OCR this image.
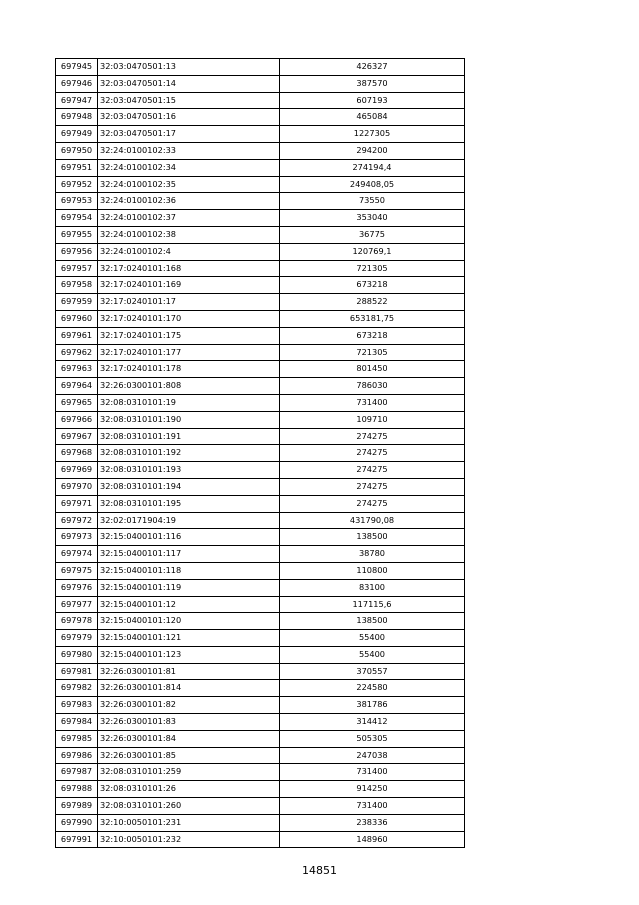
697945	32:03:0470501:13	426327
697946	32:03:0470501:14	387570
697947	32:03:0470501:15	607193
697948	32:03:0470501:16	465084
697949	32:03:0470501:17	1227305
697950	32:24:0100102:33	294200
697951	32:24:0100102:34	274194,4
697952	32:24:0100102:35	249408,05
697953	32:24:0100102:36	73550
697954	32:24:0100102:37	353040
697955	32:24:0100102:38	36775
697956	32:24:0100102:4	120769,1
697957	32:17:0240101:168	721305
697958	32:17:0240101:169	673218
697959	32:17:0240101:17	288522
697960	32:17:0240101:170	653181,75
697961	32:17:0240101:175	673218
697962	32:17:0240101:177	721305
697963	32:17:0240101:178	801450
697964	32:26:0300101:808	786030
697965	32:08:0310101:19	731400
697966	32:08:0310101:190	109710
697967	32:08:0310101:191	274275
697968	32:08:0310101:192	274275
697969	32:08:0310101:193	274275
697970	32:08:0310101:194	274275
697971	32:08:0310101:195	274275
697972	32:02:0171904:19	431790,08
697973	32:15:0400101:116	138500
697974	32:15:0400101:117	38780
697975	32:15:0400101:118	110800
697976	32:15:0400101:119	83100
697977	32:15:0400101:12	117115,6
697978	32:15:0400101:120	138500
697979	32:15:0400101:121	55400
697980	32:15:0400101:123	55400
697981	32:26:0300101:81	370557
697982	32:26:0300101:814	224580
697983	32:26:0300101:82	381786
697984	32:26:0300101:83	314412
697985	32:26:0300101:84	505305
697986	32:26:0300101:85	247038
697987	32:08:0310101:259	731400
697988	32:08:0310101:26	914250
697989	32:08:0310101:260	731400
697990	32:10:0050101:231	238336
697991	32:10:0050101:232	148960
14851
